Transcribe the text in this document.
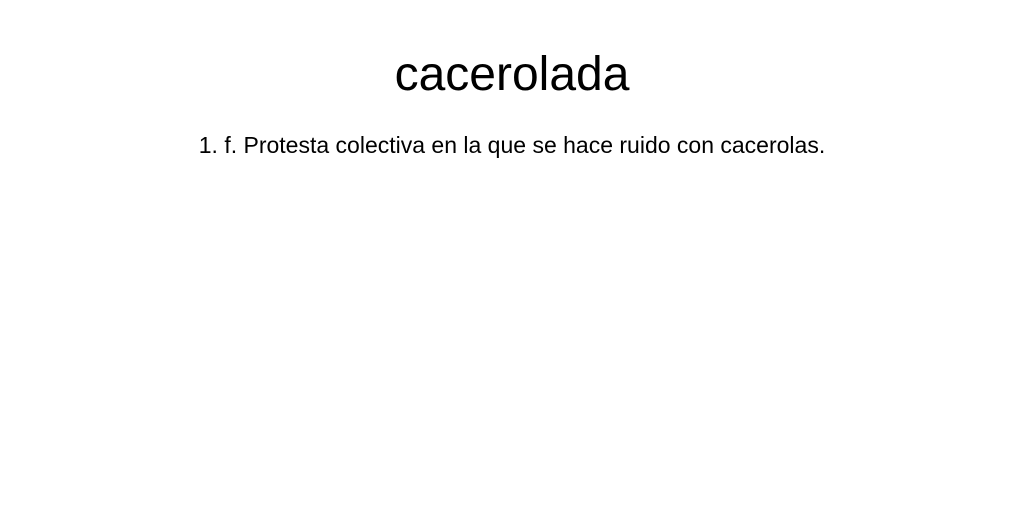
cacerolada

1. f. Protesta colectiva en la que se hace ruido con cacerolas.
